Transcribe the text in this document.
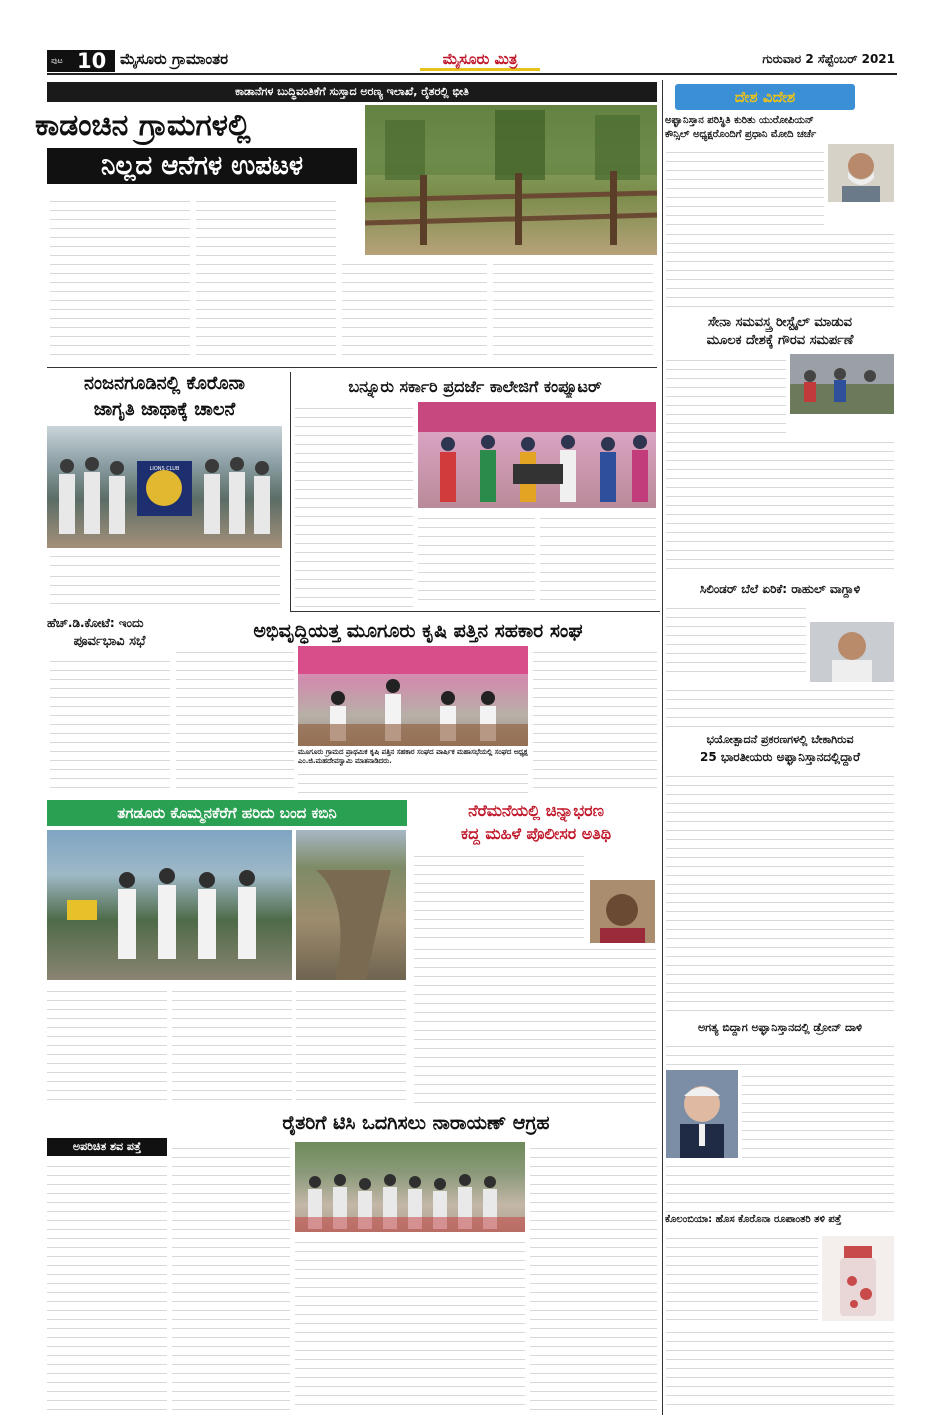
ಪುಟ 10 ಮೈಸೂರು ಗ್ರಾಮಾಂತರ	ಮೈಸೂರು ಮಿತ್ರ	ಗುರುವಾರ 2 ಸೆಪ್ಟೆಂಬರ್ 2021
ಕಾಡಾನೆಗಳ ಬುದ್ಧಿವಂತಿಕೆಗೆ ಸುಸ್ತಾದ ಅರಣ್ಯ ಇಲಾಖೆ, ರೈತರಲ್ಲಿ ಭೀತಿ
ಕಾಡಂಚಿನ ಗ್ರಾಮಗಳಲ್ಲಿ
ನಿಲ್ಲದ ಆನೆಗಳ ಉಪಟಳ
ನಂಜನಗೂಡಿನಲ್ಲಿ ಕೊರೊನಾ
ಜಾಗೃತಿ ಜಾಥಾಕ್ಕೆ ಚಾಲನೆ
LIONS CLUB
ಬನ್ನೂರು ಸರ್ಕಾರಿ ಪ್ರದರ್ಜೆ ಕಾಲೇಜಿಗೆ ಕಂಪ್ಯೂಟರ್
ಹೆಚ್.ಡಿ.ಕೋಟೆ: ಇಂದು
ಪೂರ್ವಭಾವಿ ಸಭೆ	ಅಭಿವೃದ್ಧಿಯತ್ತ ಮೂಗೂರು ಕೃಷಿ ಪತ್ತಿನ ಸಹಕಾರ ಸಂಘ
ಮೂಗೂರು ಗ್ರಾಮದ ಪ್ರಾಥಮಿಕ ಕೃಷಿ ಪತ್ತಿನ ಸಹಕಾರ ಸಂಘದ ವಾರ್ಷಿಕ ಮಹಾಸಭೆಯಲ್ಲಿ ಸಂಘದ ಅಧ್ಯಕ್ಷ ಎಂ.ಜಿ.ಮಹದೇವಸ್ವಾಮಿ ಮಾತನಾಡಿದರು.
ತಗಡೂರು ಕೊಮ್ಮನಕೆರೆಗೆ ಹರಿದು ಬಂದ ಕಬಿನಿ	ನೆರೆಮನೆಯಲ್ಲಿ ಚಿನ್ನಾಭರಣ
ಕದ್ದ ಮಹಿಳೆ ಪೊಲೀಸರ ಅತಿಥಿ
ರೈತರಿಗೆ ಟಿಸಿ ಒದಗಿಸಲು ನಾರಾಯಣ್ ಆಗ್ರಹ
ಅಪರಿಚಿತ ಶವ ಪತ್ತೆ
ದೇಶ ವಿದೇಶ
ಅಫ್ಘಾನಿಸ್ತಾನ ಪರಿಸ್ಥಿತಿ ಕುರಿತು ಯುರೋಪಿಯನ್
ಕೌನ್ಸಿಲ್ ಅಧ್ಯಕ್ಷರೊಂದಿಗೆ ಪ್ರಧಾನಿ ಮೋದಿ ಚರ್ಚೆ
ಸೇನಾ ಸಮವಸ್ತ್ರ ರೀಸ್ಟೈಲ್ ಮಾಡುವ
ಮೂಲಕ ದೇಶಕ್ಕೆ ಗೌರವ ಸಮರ್ಪಣೆ
ಸಿಲಿಂಡರ್ ಬೆಲೆ ಏರಿಕೆ: ರಾಹುಲ್ ವಾಗ್ದಾಳಿ
ಭಯೋತ್ಪಾದನೆ ಪ್ರಕರಣಗಳಲ್ಲಿ ಬೇಕಾಗಿರುವ
25 ಭಾರತೀಯರು ಅಫ್ಘಾನಿಸ್ತಾನದಲ್ಲಿದ್ದಾರೆ
ಅಗತ್ಯ ಬಿದ್ದಾಗ ಅಫ್ಘಾನಿಸ್ತಾನದಲ್ಲಿ ಡ್ರೋನ್ ದಾಳಿ
ಕೊಲಂಬಿಯಾ: ಹೊಸ ಕೊರೊನಾ ರೂಪಾಂತರಿ ತಳಿ ಪತ್ತೆ
